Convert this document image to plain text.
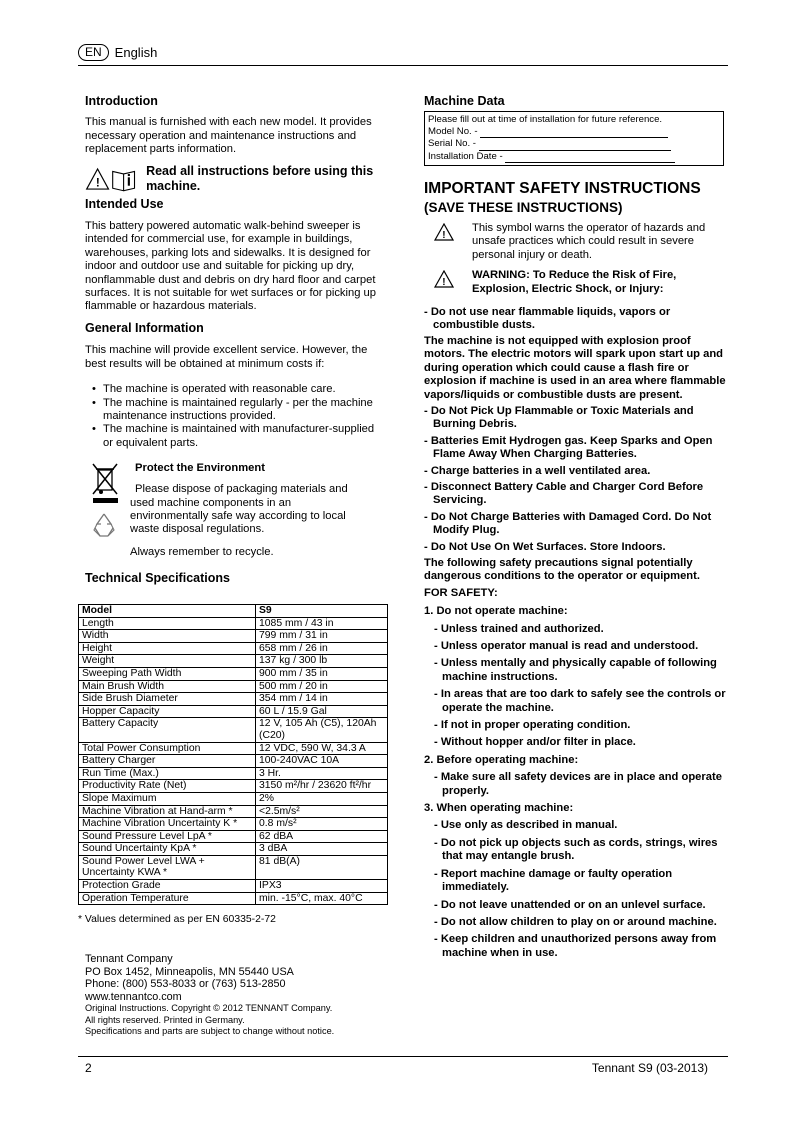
EN	English
Introduction

This manual is furnished with each new model. It provides necessary operation and maintenance instructions and replacement parts information.

!
Read all instructions before using this machine.
Intended Use

This battery powered automatic walk-behind sweeper is intended for commercial use, for example in buildings, warehouses, parking lots and sidewalks. It is designed for indoor and outdoor use and suitable for picking up dry, nonflammable dust and debris on dry hard floor and carpet surfaces. It is not suitable for wet surfaces or for picking up flammable or hazardous materials.

General Information

This machine will provide excellent service. However, the best results will be obtained at minimum costs if:

• The machine is operated with reasonable care.
• The machine is maintained regularly - per the machine maintenance instructions provided.
• The machine is maintained with manufacturer-supplied or equivalent parts.
Protect the Environment
Please dispose of packaging materials and used machine components in an environmentally safe way according to local waste disposal regulations.
Always remember to recycle.
Technical Specifications
Model	S9
Length	1085 mm / 43 in
Width	799 mm / 31 in
Height	658 mm / 26 in
Weight	137 kg / 300 lb
Sweeping Path Width	900 mm / 35 in
Main Brush Width	500 mm / 20 in
Side Brush Diameter	354 mm / 14 in
Hopper Capacity	60 L / 15.9 Gal
Battery Capacity	12 V, 105 Ah (C5), 120Ah (C20)
Total Power Consumption	12 VDC, 590 W, 34.3 A
Battery Charger	100-240VAC 10A
Run Time (Max.)	3 Hr.
Productivity Rate (Net)	3150 m²/hr / 23620 ft²/hr
Slope Maximum	2%
Machine Vibration at Hand-arm *	<2.5m/s²
Machine Vibration Uncertainty K *	0.8 m/s²
Sound Pressure Level LpA *	62 dBA
Sound Uncertainty KpA *	3 dBA
Sound Power Level LWA + Uncertainty KWA *	81 dB(A)
Protection Grade	IPX3
Operation Temperature	min. -15°C, max. 40°C
* Values determined as per EN 60335-2-72
Tennant Company
PO Box 1452, Minneapolis, MN 55440 USA
Phone: (800) 553-8033 or (763) 513-2850
www.tennantco.com
Original Instructions. Copyright © 2012 TENNANT Company.
All rights reserved. Printed in Germany.
Specifications and parts are subject to change without notice.
Machine Data
Please fill out at time of installation for future reference.
Model No. -
Serial No. -
Installation Date -
IMPORTANT SAFETY INSTRUCTIONS
(SAVE THESE INSTRUCTIONS)
!
This symbol warns the operator of hazards and unsafe practices which could result in severe personal injury or death.
!
WARNING: To Reduce the Risk of Fire, Explosion, Electric Shock, or Injury:

- Do not use near flammable liquids, vapors or combustible dusts.

The machine is not equipped with explosion proof motors. The electric motors will spark upon start up and during operation which could cause a flash fire or explosion if machine is used in an area where flammable vapors/liquids or combustible dusts are present.

- Do Not Pick Up Flammable or Toxic Materials and Burning Debris.

- Batteries Emit Hydrogen gas. Keep Sparks and Open Flame Away When Charging Batteries.

- Charge batteries in a well ventilated area.

- Disconnect Battery Cable and Charger Cord Before Servicing.

- Do Not Charge Batteries with Damaged Cord. Do Not Modify Plug.

- Do Not Use On Wet Surfaces. Store Indoors.

The following safety precautions signal potentially dangerous conditions to the operator or equipment.

FOR SAFETY:

1. Do not operate machine:

- Unless trained and authorized.

- Unless operator manual is read and understood.

- Unless mentally and physically capable of following machine instructions.

- In areas that are too dark to safely see the controls or operate the machine.

- If not in proper operating condition.

- Without hopper and/or filter in place.

2. Before operating machine:

- Make sure all safety devices are in place and operate properly.

3. When operating machine:

- Use only as described in manual.

- Do not pick up objects such as cords, strings, wires that may entangle brush.

- Report machine damage or faulty operation immediately.

- Do not leave unattended or on an unlevel surface.

- Do not allow children to play on or around machine.

- Keep children and unauthorized persons away from machine when in use.

2	Tennant S9 (03-2013)
